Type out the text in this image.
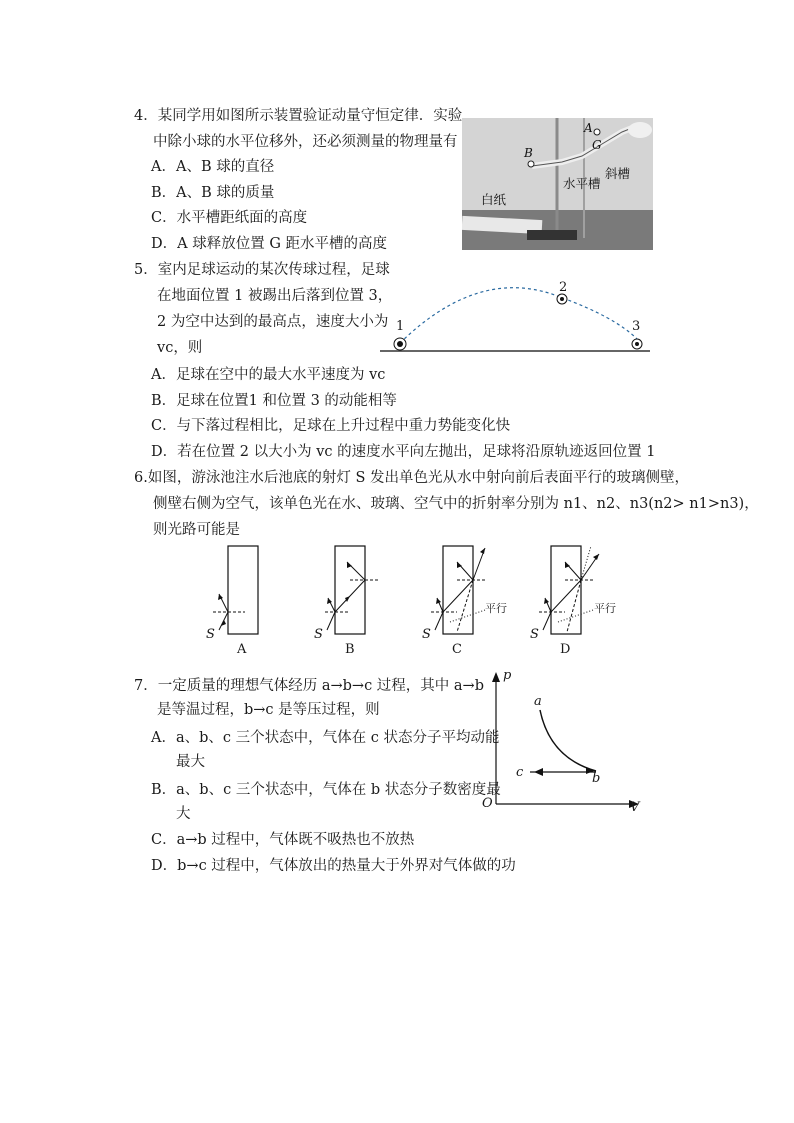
4．某同学用如图所示装置验证动量守恒定律．实验
中除小球的水平位移外，还必须测量的物理量有
A．A、B 球的直径
B．A、B 球的质量
C．水平槽距纸面的高度
D．A 球释放位置 G 距水平槽的高度
B
A
G
水平槽
斜槽
白纸
5．室内足球运动的某次传球过程，足球
在地面位置 1 被踢出后落到位置 3，
2 为空中达到的最高点，速度大小为
vc，则
A．足球在空中的最大水平速度为 vc
B．足球在位置1 和位置 3 的动能相等
C．与下落过程相比，足球在上升过程中重力势能变化快
D．若在位置 2 以大小为 vc 的速度水平向左抛出，足球将沿原轨迹返回位置 1
1
2
3
6.如图，游泳池注水后池底的射灯 S 发出单色光从水中射向前后表面平行的玻璃侧壁，
侧壁右侧为空气，该单色光在水、玻璃、空气中的折射率分别为 n1、n2、n3(n2> n1>n3)，
则光路可能是
S	S	S	S
平行	平行
A	B	C	D
7．一定质量的理想气体经历 a→b→c 过程，其中 a→b
是等温过程，b→c 是等压过程，则
A．a、b、c 三个状态中，气体在 c 状态分子平均动能
最大
B．a、b、c 三个状态中，气体在 b 状态分子数密度最
大
C．a→b 过程中，气体既不吸热也不放热
D．b→c 过程中，气体放出的热量大于外界对气体做的功
p
V
O
a
b
c
